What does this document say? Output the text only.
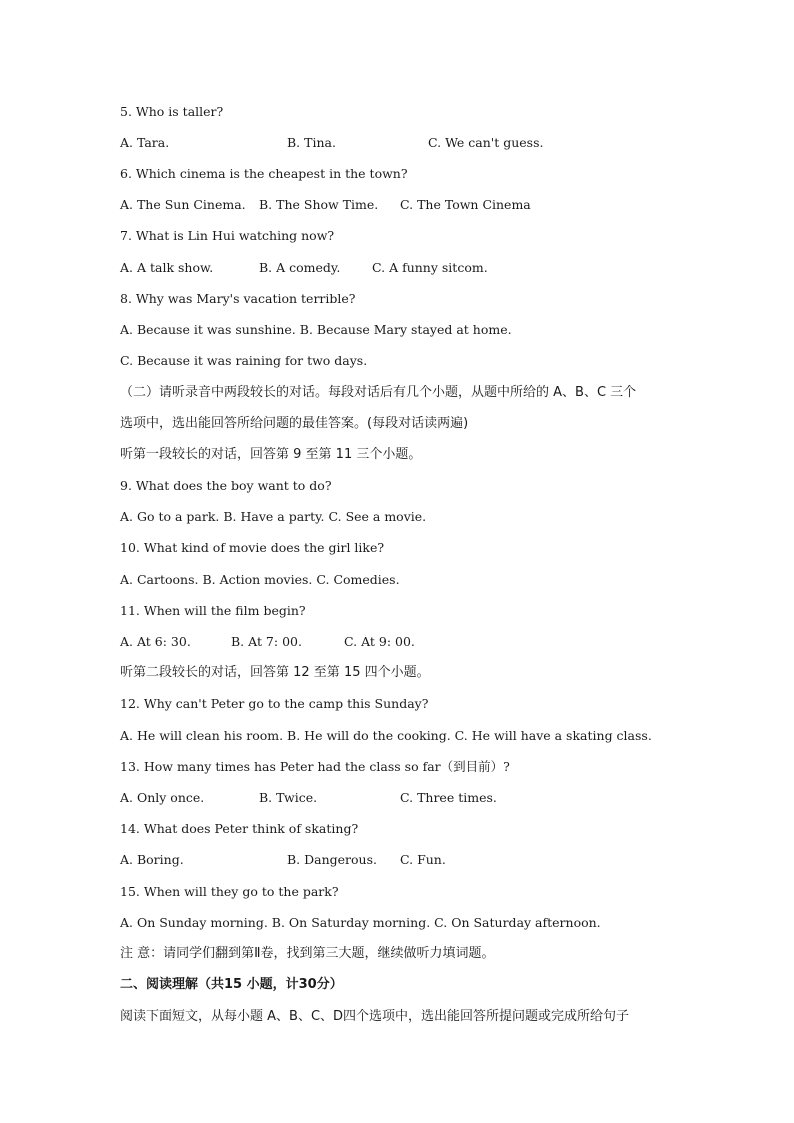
5. Who is taller?
A. Tara.	B. Tina.	C. We can't guess.
6. Which cinema is the cheapest in the town?
A. The Sun Cinema. B. The Show Time. C. The Town Cinema
7. What is Lin Hui watching now?
A. A talk show.	B. A comedy.	C. A funny sitcom.
8. Why was Mary's vacation terrible?
A. Because it was sunshine. B. Because Mary stayed at home.
C. Because it was raining for two days.
（二）请听录音中两段较长的对话。每段对话后有几个小题，从题中所给的 A、B、C 三个
选项中，选出能回答所给问题的最佳答案。(每段对话读两遍)
听第一段较长的对话，回答第 9 至第 11 三个小题。
9. What does the boy want to do?
A. Go to a park. B. Have a party. C. See a movie.
10. What kind of movie does the girl like?
A. Cartoons. B. Action movies. C. Comedies.
11. When will the film begin?
A. At 6: 30.	B. At 7: 00.	C. At 9: 00.
听第二段较长的对话，回答第 12 至第 15 四个小题。
12. Why can't Peter go to the camp this Sunday?
A. He will clean his room. B. He will do the cooking. C. He will have a skating class.
13. How many times has Peter had the class so far（到目前）?
A. Only once.	B. Twice.	C. Three times.
14. What does Peter think of skating?
A. Boring.	B. Dangerous. C. Fun.
15. When will they go to the park?
A. On Sunday morning. B. On Saturday morning. C. On Saturday afternoon.
注 意：请同学们翻到第Ⅱ卷，找到第三大题，继续做听力填词题。
二、阅读理解（共15 小题，计30分）
阅读下面短文，从每小题 A、B、C、D四个选项中，选出能回答所提问题或完成所给句子
